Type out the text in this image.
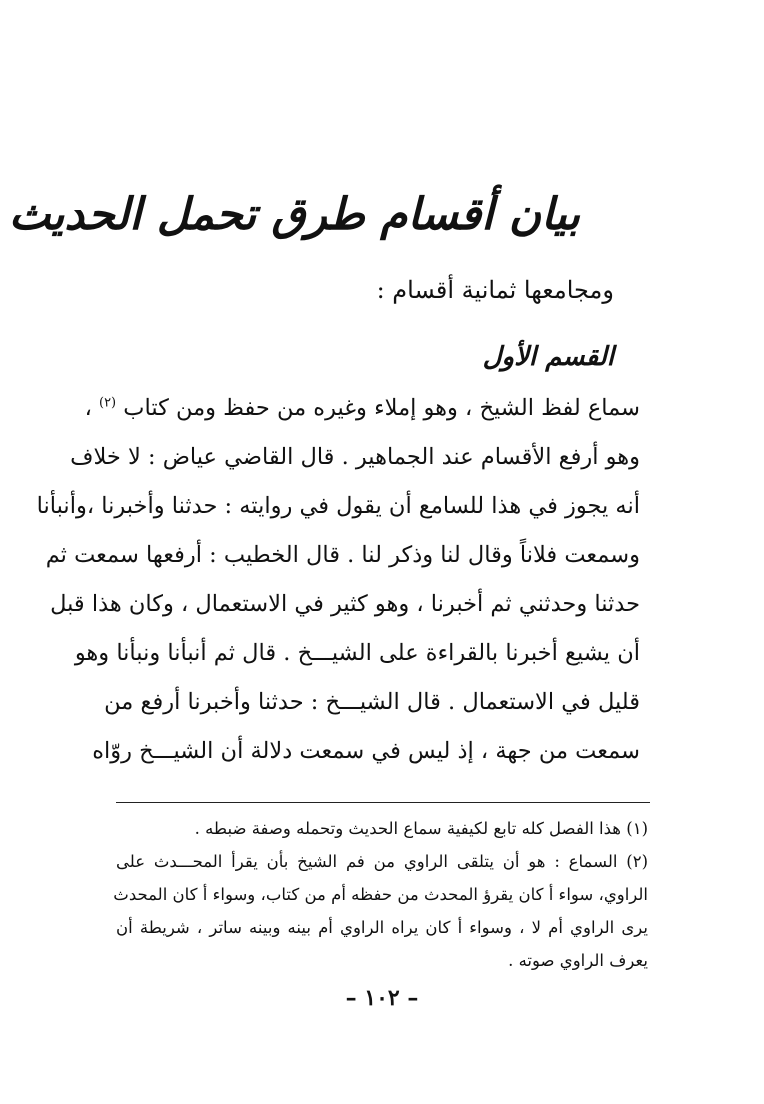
بيان أقسام طرق تحمل الحديث
ومجامعها ثمانية أقسام :
القسم الأول
سماع لفظ الشيخ ، وهو إملاء وغيره من حفظ ومن كتاب $^{(٢)}$ ،
وهو أرفع الأقسام عند الجماهير . قال القاضي عياض : لا خلاف
أنه يجوز في هذا للسامع أن يقول في روايته : حدثنا وأخبرنا ،وأنبأنا
وسمعت فلاناً وقال لنا وذكر لنا . قال الخطيب : أرفعها سمعت ثم
حدثنا وحدثني ثم أخبرنا ، وهو كثير في الاستعمال ، وكان هذا قبل
أن يشيع أخبرنا بالقراءة على الشيـــخ . قال ثم أنبأنا ونبأنا وهو
قليل في الاستعمال . قال الشيـــخ : حدثنا وأخبرنا أرفع من
سمعت من جهة ، إذ ليس في سمعت دلالة أن الشيـــخ روّاه
(١) هذا الفصل كله تابع لكيفية سماع الحديث وتحمله وصفة ضبطه .
(٢) السماع : هو أن يتلقى الراوي من فم الشيخ بأن يقرأ المحـــدث على
الراوي، سواء أ كان يقرؤ المحدث من حفظه أم من كتاب، وسواء أ كان المحدث
يرى الراوي أم لا ، وسواء أ كان يراه الراوي أم بينه وبينه ساتر ، شريطة أن
يعرف الراوي صوته .
– ١٠٢ –
